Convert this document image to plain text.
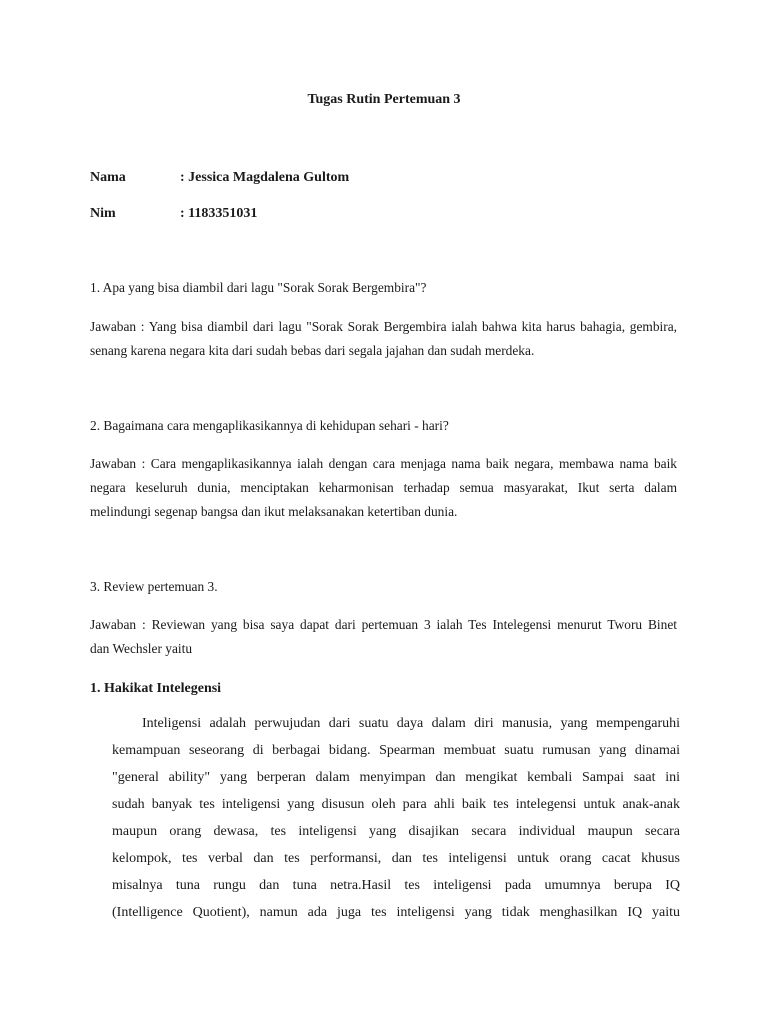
Tugas Rutin Pertemuan 3

Nama	: Jessica Magdalena Gultom

Nim	: 1183351031

1. Apa yang bisa diambil dari lagu "Sorak Sorak Bergembira"?

Jawaban : Yang bisa diambil dari lagu "Sorak Sorak Bergembira ialah bahwa kita harus bahagia, gembira,
senang karena negara kita dari sudah bebas dari segala jajahan dan sudah merdeka.

2. Bagaimana cara mengaplikasikannya di kehidupan sehari - hari?

Jawaban : Cara mengaplikasikannya ialah dengan cara menjaga nama baik negara, membawa nama baik
negara keseluruh dunia, menciptakan keharmonisan terhadap semua masyarakat, Ikut serta dalam
melindungi segenap bangsa dan ikut melaksanakan ketertiban dunia.

3. Review pertemuan 3.

Jawaban : Reviewan yang bisa saya dapat dari pertemuan 3 ialah Tes Intelegensi menurut Tworu Binet
dan Wechsler yaitu

1. Hakikat Intelegensi

Inteligensi adalah perwujudan dari suatu daya dalam diri manusia, yang mempengaruhi
kemampuan seseorang di berbagai bidang. Spearman membuat suatu rumusan yang dinamai
"general ability" yang berperan dalam menyimpan dan mengikat kembali Sampai saat ini
sudah banyak tes inteligensi yang disusun oleh para ahli baik tes intelegensi untuk anak-anak
maupun orang dewasa, tes inteligensi yang disajikan secara individual maupun secara
kelompok, tes verbal dan tes performansi, dan tes inteligensi untuk orang cacat khusus
misalnya tuna rungu dan tuna netra.Hasil tes inteligensi pada umumnya berupa IQ
(Intelligence Quotient), namun ada juga tes inteligensi yang tidak menghasilkan IQ yaitu
